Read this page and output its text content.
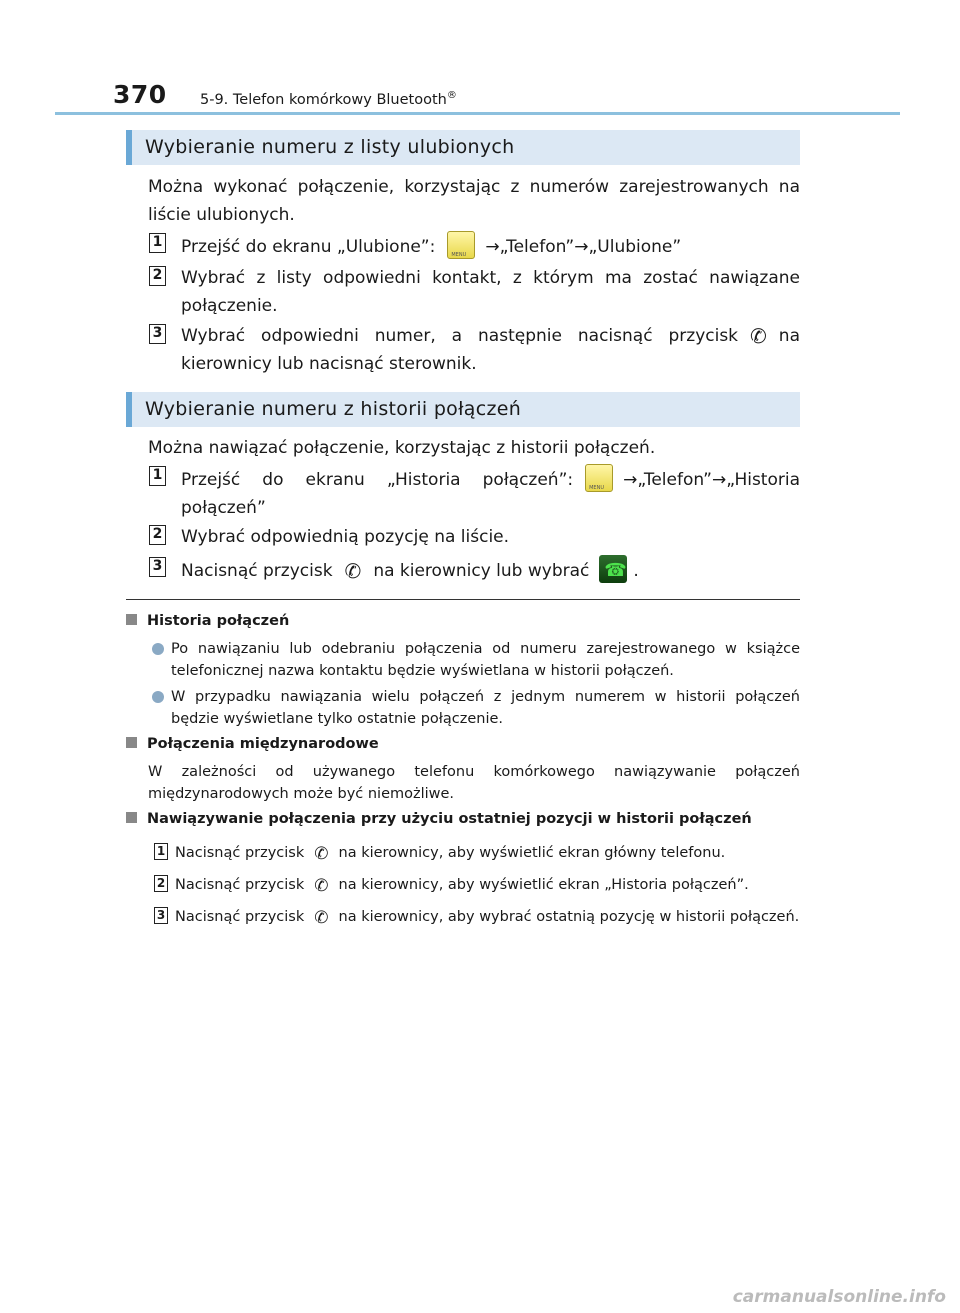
370 5-9. Telefon komórkowy Bluetooth®
Wybieranie numeru z listy ulubionych

Można wykonać połączenie, korzystając z numerów zarejestrowanych na liście ulubionych.

1 Przejść do ekranu „Ulubione”: MENU	→„Telefon”→„Ulubione”
2 Wybrać z listy odpowiedni kontakt, z którym ma zostać nawiązane połączenie.
3 Wybrać odpowiedni numer, a następnie nacisnąć przycisk ✆ na kierownicy lub nacisnąć sterownik.
Wybieranie numeru z historii połączeń

Można nawiązać połączenie, korzystając z historii połączeń.

1 Przejść do ekranu „Historia połączeń”: MENU	→„Telefon”→„Historia połączeń”
2 Wybrać odpowiednią pozycję na liście.
3 Nacisnąć przycisk ✆ na kierownicy lub wybrać ☎	.
Historia połączeń
Po nawiązaniu lub odebraniu połączenia od numeru zarejestrowanego w książce telefonicznej nazwa kontaktu będzie wyświetlana w historii połączeń.
W przypadku nawiązania wielu połączeń z jednym numerem w historii połączeń będzie wyświetlane tylko ostatnie połączenie.
Połączenia międzynarodowe

W zależności od używanego telefonu komórkowego nawiązywanie połączeń międzynarodowych może być niemożliwe.

Nawiązywanie połączenia przy użyciu ostatniej pozycji w historii połączeń
1 Nacisnąć przycisk ✆ na kierownicy, aby wyświetlić ekran główny telefonu.
2 Nacisnąć przycisk ✆ na kierownicy, aby wyświetlić ekran „Historia połączeń”.
3 Nacisnąć przycisk ✆ na kierownicy, aby wybrać ostatnią pozycję w historii połączeń.
carmanualsonline.info
